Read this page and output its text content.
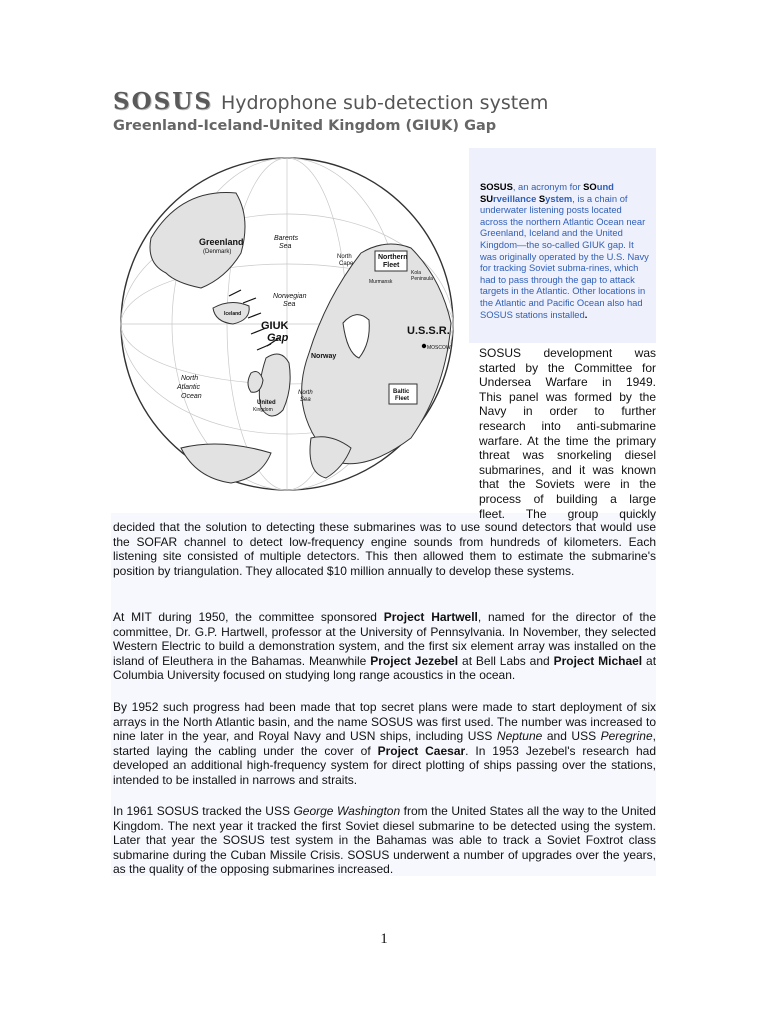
SOSUS Hydrophone sub-detection system
Greenland-Iceland-United Kingdom (GIUK) Gap
Greenland
(Denmark)
Barents
Sea
North
Cape
Northern
Fleet
Murmansk
Kola
Peninsula
Norwegian
Sea
Iceland
GIUK
Gap
U.S.S.R.
MOSCOW
Norway
Baltic
Fleet
North
Atlantic
Ocean	North
Sea
United
Kingdom
SOSUS, an acronym for SOund SUrveillance System, is a chain of underwater listening posts located across the northern Atlantic Ocean near Greenland, Iceland and the United Kingdom—the so-called GIUK gap. It was originally operated by the U.S. Navy for tracking Soviet subma-rines, which had to pass through the gap to attack targets in the Atlantic. Other locations in the Atlantic and Pacific Ocean also had SOSUS stations installed.
SOSUS development was
started by the Committee for
Undersea Warfare in 1949.
This panel was formed by the
Navy in order to further
research into anti-submarine
warfare. At the time the primary
threat was snorkeling diesel
submarines, and it was known
that the Soviets were in the
process of building a large
fleet. The group quickly
decided that the solution to detecting these submarines was to use sound detectors that would use the SOFAR channel to detect low-frequency engine sounds from hundreds of kilometers. Each listening site consisted of multiple detectors. This then allowed them to estimate the submarine's position by triangulation. They allocated $10 million annually to develop these systems.
At MIT during 1950, the committee sponsored Project Hartwell, named for the director of the committee, Dr. G.P. Hartwell, professor at the University of Pennsylvania. In November, they selected Western Electric to build a demonstration system, and the first six element array was installed on the island of Eleuthera in the Bahamas. Meanwhile Project Jezebel at Bell Labs and Project Michael at Columbia University focused on studying long range acoustics in the ocean.
By 1952 such progress had been made that top secret plans were made to start deployment of six arrays in the North Atlantic basin, and the name SOSUS was first used. The number was increased to nine later in the year, and Royal Navy and USN ships, including USS Neptune and USS Peregrine, started laying the cabling under the cover of Project Caesar. In 1953 Jezebel's research had developed an additional high-frequency system for direct plotting of ships passing over the stations, intended to be installed in narrows and straits.
In 1961 SOSUS tracked the USS George Washington from the United States all the way to the United Kingdom. The next year it tracked the first Soviet diesel submarine to be detected using the system. Later that year the SOSUS test system in the Bahamas was able to track a Soviet Foxtrot class submarine during the Cuban Missile Crisis. SOSUS underwent a number of upgrades over the years, as the quality of the opposing submarines increased.
1
